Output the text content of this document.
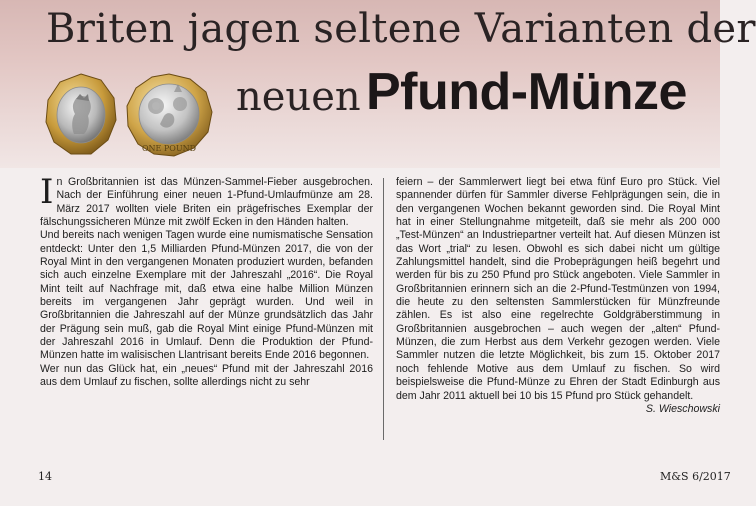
Briten jagen seltene Varianten der
neuen Pfund-Münze
ONE POUND

In Großbritannien ist das Münzen-Sammel-Fieber ausgebrochen. Nach der Einführung einer neuen 1-Pfund-Umlaufmünze am 28. März 2017 wollten viele Briten ein prägefrisches Exemplar der fälschungssicheren Münze mit zwölf Ecken in den Händen halten.

Und bereits nach wenigen Tagen wurde eine numismatische Sensation entdeckt: Unter den 1,5 Milliarden Pfund-Münzen 2017, die von der Royal Mint in den vergangenen Monaten produziert wurden, befanden sich auch einzelne Exemplare mit der Jahreszahl „2016“. Die Royal Mint teilt auf Nachfrage mit, daß etwa eine halbe Million Münzen bereits im vergangenen Jahr geprägt wurden. Und weil in Großbritannien die Jahreszahl auf der Münze grundsätzlich das Jahr der Prägung sein muß, gab die Royal Mint einige Pfund-Münzen mit der Jahreszahl 2016 in Umlauf. Denn die Produktion der Pfund-Münzen hatte im walisischen Llantrisant bereits Ende 2016 begonnen.

Wer nun das Glück hat, ein „neues“ Pfund mit der Jahreszahl 2016 aus dem Umlauf zu fischen, sollte allerdings nicht zu sehr

feiern – der Sammlerwert liegt bei etwa fünf Euro pro Stück. Viel spannender dürfen für Sammler diverse Fehlprägungen sein, die in den vergangenen Wochen bekannt geworden sind. Die Royal Mint hat in einer Stellungnahme mitgeteilt, daß sie mehr als 200 000 „Test-Münzen“ an Industriepartner verteilt hat. Auf diesen Münzen ist das Wort „trial“ zu lesen. Obwohl es sich dabei nicht um gültige Zahlungsmittel handelt, sind die Probeprägungen heiß begehrt und werden für bis zu 250 Pfund pro Stück angeboten. Viele Sammler in Großbritannien erinnern sich an die 2-Pfund-Testmünzen von 1994, die heute zu den seltensten Sammlerstücken für Münzfreunde zählen. Es ist also eine regelrechte Goldgräberstimmung in Großbritannien ausgebrochen – auch wegen der „alten“ Pfund-Münzen, die zum Herbst aus dem Verkehr gezogen werden. Viele Sammler nutzen die letzte Möglichkeit, bis zum 15. Oktober 2017 noch fehlende Motive aus dem Umlauf zu fischen. So wird beispielsweise die Pfund-Münze zu Ehren der Stadt Edinburgh aus dem Jahr 2011 aktuell bei 10 bis 15 Pfund pro Stück gehandelt.
S. Wieschowski

14	M&S 6/2017
